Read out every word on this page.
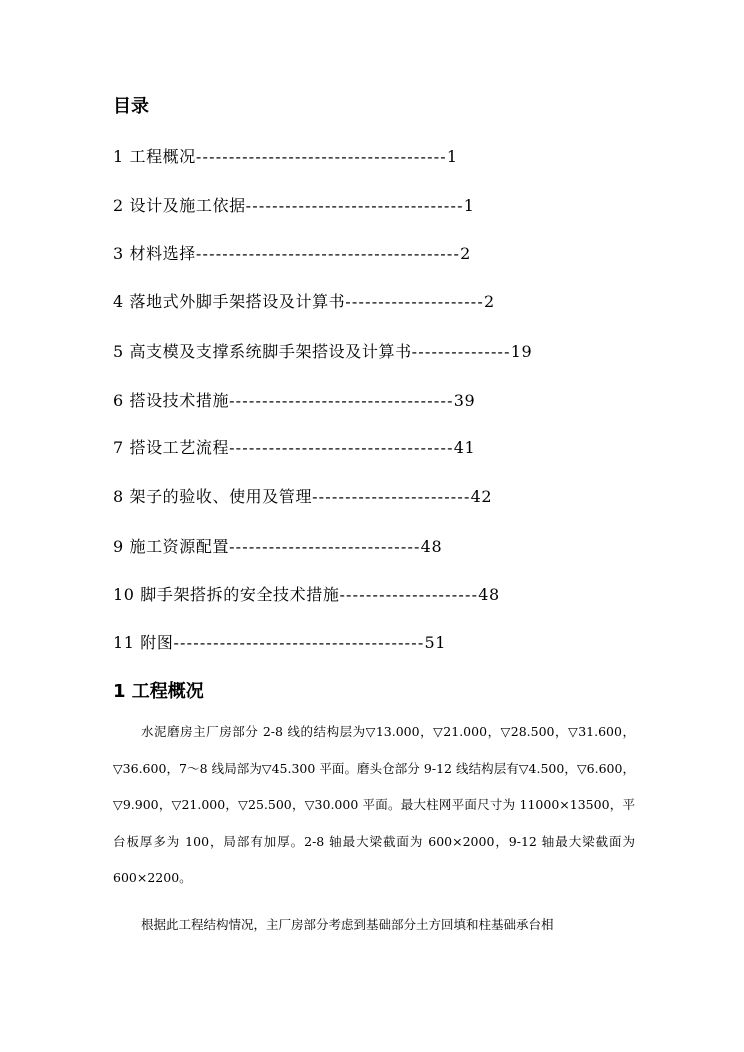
目录
1 工程概况--------------------------------------1
2 设计及施工依据---------------------------------1
3 材料选择----------------------------------------2
4 落地式外脚手架搭设及计算书---------------------2
5 高支模及支撑系统脚手架搭设及计算书---------------19
6 搭设技术措施----------------------------------39
7 搭设工艺流程----------------------------------41
8 架子的验收、使用及管理------------------------42
9 施工资源配置-----------------------------48
10 脚手架搭拆的安全技术措施---------------------48
11 附图--------------------------------------51
1 工程概况

水泥磨房主厂房部分 2-8 线的结构层为▽13.000，▽21.000，▽28.500，▽31.600，▽36.600，7～8 线局部为▽45.300 平面。磨头仓部分 9-12 线结构层有▽4.500，▽6.600，▽9.900，▽21.000，▽25.500，▽30.000 平面。最大柱网平面尺寸为 11000×13500，平台板厚多为 100，局部有加厚。2-8 轴最大梁截面为 600×2000，9-12 轴最大梁截面为 600×2200。

根据此工程结构情况，主厂房部分考虑到基础部分土方回填和柱基础承台相
